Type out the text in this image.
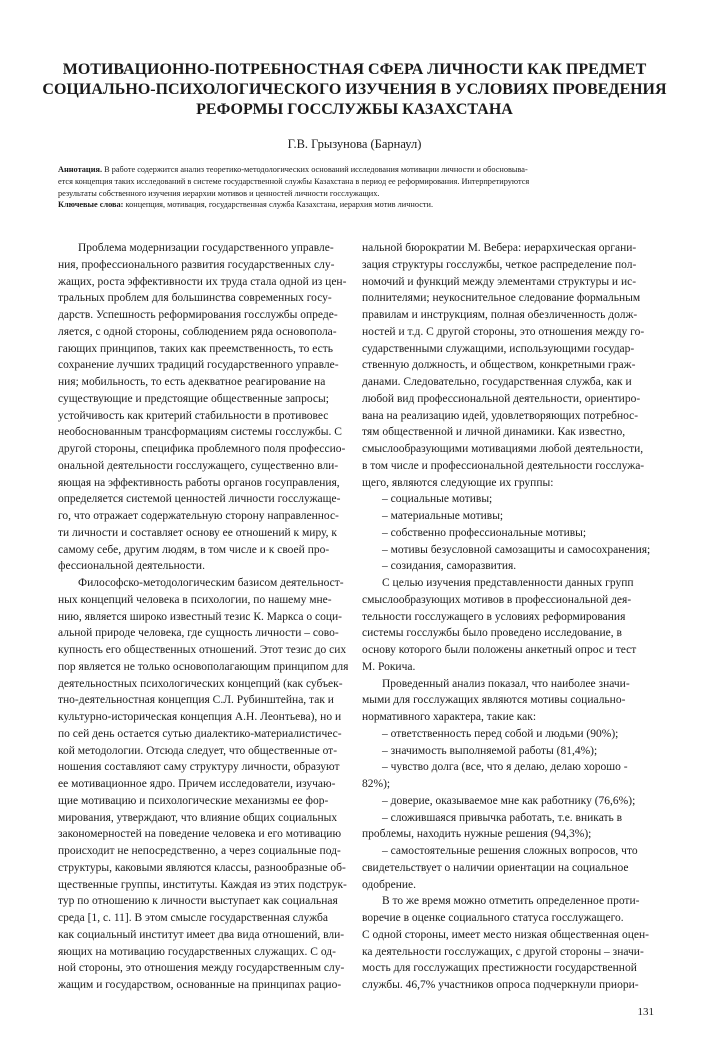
МОТИВАЦИОННО-ПОТРЕБНОСТНАЯ СФЕРА ЛИЧНОСТИ КАК ПРЕДМЕТ
СОЦИАЛЬНО-ПСИХОЛОГИЧЕСКОГО ИЗУЧЕНИЯ В УСЛОВИЯХ ПРОВЕДЕНИЯ
РЕФОРМЫ ГОССЛУЖБЫ КАЗАХСТАНА

Г.В. Грызунова (Барнаул)

Аннотация. В работе содержится анализ теоретико-методологических оснований исследования мотивации личности и обосновыва-
ется концепция таких исследований в системе государственной службы Казахстана в период ее реформирования. Интерпретируются
результаты собственного изучения иерархии мотивов и ценностей личности госслужащих.
Ключевые слова: концепция, мотивация, государственная служба Казахстана, иерархия мотив личности.
Проблема модернизации государственного управле-
ния, профессионального развития государственных слу-
жащих, роста эффективности их труда стала одной из цен-
тральных проблем для большинства современных госу-
дарств. Успешность реформирования госслужбы опреде-
ляется, с одной стороны, соблюдением ряда основопола-
гающих принципов, таких как преемственность, то есть
сохранение лучших традиций государственного управле-
ния; мобильность, то есть адекватное реагирование на
существующие и предстоящие общественные запросы;
устойчивость как критерий стабильности в противовес
необоснованным трансформациям системы госслужбы. С
другой стороны, специфика проблемного поля профессио-
ональной деятельности госслужащего, существенно вли-
яющая на эффективность работы органов госуправления,
определяется системой ценностей личности госслужаще-
го, что отражает содержательную сторону направленнос-
ти личности и составляет основу ее отношений к миру, к
самому себе, другим людям, в том числе и к своей про-
фессиональной деятельности.
Философско-методологическим базисом деятельност-
ных концепций человека в психологии, по нашему мне-
нию, является широко известный тезис К. Маркса о соци-
альной природе человека, где сущность личности – сово-
купность его общественных отношений. Этот тезис до сих
пор является не только основополагающим принципом для
деятельностных психологических концепций (как субъек-
тно-деятельностная концепция С.Л. Рубинштейна, так и
культурно-историческая концепция А.Н. Леонтьева), но и
по сей день остается сутью диалектико-материалистичес-
кой методологии. Отсюда следует, что общественные от-
ношения составляют саму структуру личности, образуют
ее мотивационное ядро. Причем исследователи, изучаю-
щие мотивацию и психологические механизмы ее фор-
мирования, утверждают, что влияние общих социальных
закономерностей на поведение человека и его мотивацию
происходит не непосредственно, а через социальные под-
структуры, каковыми являются классы, разнообразные об-
щественные группы, институты. Каждая из этих подструк-
тур по отношению к личности выступает как социальная
среда [1, с. 11]. В этом смысле государственная служба
как социальный институт имеет два вида отношений, вли-
яющих на мотивацию государственных служащих. С од-
ной стороны, это отношения между государственным слу-
жащим и государством, основанные на принципах рацио-
нальной бюрократии М. Вебера: иерархическая органи-
зация структуры госслужбы, четкое распределение пол-
номочий и функций между элементами структуры и ис-
полнителями; неукоснительное следование формальным
правилам и инструкциям, полная обезличенность долж-
ностей и т.д. С другой стороны, это отношения между го-
сударственными служащими, использующими государ-
ственную должность, и обществом, конкретными граж-
данами. Следовательно, государственная служба, как и
любой вид профессиональной деятельности, ориентиро-
вана на реализацию идей, удовлетворяющих потребнос-
тям общественной и личной динамики. Как известно,
смыслообразующими мотивациями любой деятельности,
в том числе и профессиональной деятельности госслужа-
щего, являются следующие их группы:
– социальные мотивы;
– материальные мотивы;
– собственно профессиональные мотивы;
– мотивы безусловной самозащиты и самосохранения;
– созидания, саморазвития.
С целью изучения представленности данных групп
смыслообразующих мотивов в профессиональной дея-
тельности госслужащего в условиях реформирования
системы госслужбы было проведено исследование, в
основу которого были положены анкетный опрос и тест
М. Рокича.
Проведенный анализ показал, что наиболее значи-
мыми для госслужащих являются мотивы социально-
нормативного характера, такие как:
– ответственность перед собой и людьми (90%);
– значимость выполняемой работы (81,4%);
– чувство долга (все, что я делаю, делаю хорошо -
82%);
– доверие, оказываемое мне как работнику (76,6%);
– сложившаяся привычка работать, т.е. вникать в
проблемы, находить нужные решения (94,3%);
– самостоятельные решения сложных вопросов, что
свидетельствует о наличии ориентации на социальное
одобрение.
В то же время можно отметить определенное проти-
воречие в оценке социального статуса госслужащего.
С одной стороны, имеет место низкая общественная оцен-
ка деятельности госслужащих, с другой стороны – значи-
мость для госслужащих престижности государственной
службы. 46,7% участников опроса подчеркнули приори-
131
